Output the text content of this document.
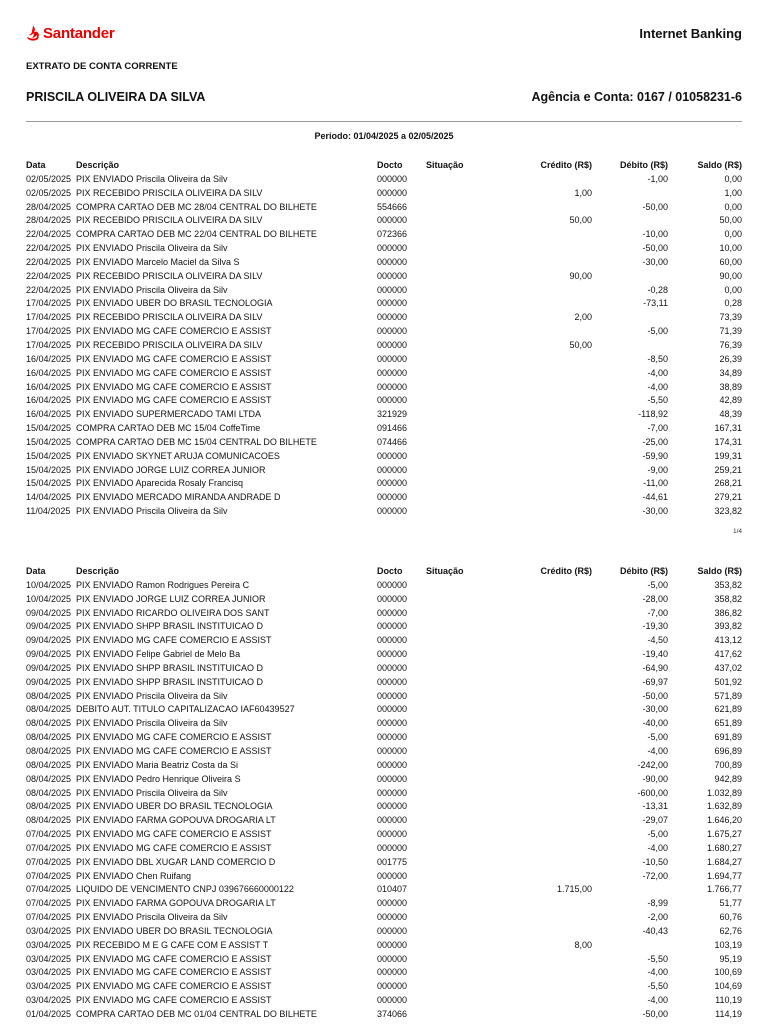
Santander	Internet Banking
EXTRATO DE CONTA CORRENTE
PRISCILA OLIVEIRA DA SILVA	Agência e Conta: 0167 / 01058231-6
Periodo: 01/04/2025 a 02/05/2025
Data	Descrição	Docto	Situação	Crédito (R$)	Débito (R$)	Saldo (R$)
02/05/2025 PIX ENVIADO Priscila Oliveira da Silv	000000	-1,00	0,00
02/05/2025 PIX RECEBIDO PRISCILA OLIVEIRA DA SILV	000000	1,00	1,00
28/04/2025 COMPRA CARTAO DEB MC 28/04 CENTRAL DO BILHETE	554666	-50,00	0,00
28/04/2025 PIX RECEBIDO PRISCILA OLIVEIRA DA SILV	000000	50,00	50,00
22/04/2025 COMPRA CARTAO DEB MC 22/04 CENTRAL DO BILHETE	072366	-10,00	0,00
22/04/2025 PIX ENVIADO Priscila Oliveira da Silv	000000	-50,00	10,00
22/04/2025 PIX ENVIADO Marcelo Maciel da Silva S	000000	-30,00	60,00
22/04/2025 PIX RECEBIDO PRISCILA OLIVEIRA DA SILV	000000	90,00	90,00
22/04/2025 PIX ENVIADO Priscila Oliveira da Silv	000000	-0,28	0,00
17/04/2025 PIX ENVIADO UBER DO BRASIL TECNOLOGIA	000000	-73,11	0,28
17/04/2025 PIX RECEBIDO PRISCILA OLIVEIRA DA SILV	000000	2,00	73,39
17/04/2025 PIX ENVIADO MG CAFE COMERCIO E ASSIST	000000	-5,00	71,39
17/04/2025 PIX RECEBIDO PRISCILA OLIVEIRA DA SILV	000000	50,00	76,39
16/04/2025 PIX ENVIADO MG CAFE COMERCIO E ASSIST	000000	-8,50	26,39
16/04/2025 PIX ENVIADO MG CAFE COMERCIO E ASSIST	000000	-4,00	34,89
16/04/2025 PIX ENVIADO MG CAFE COMERCIO E ASSIST	000000	-4,00	38,89
16/04/2025 PIX ENVIADO MG CAFE COMERCIO E ASSIST	000000	-5,50	42,89
16/04/2025 PIX ENVIADO SUPERMERCADO TAMI LTDA	321929	-118,92	48,39
15/04/2025 COMPRA CARTAO DEB MC 15/04 CoffeTime	091466	-7,00	167,31
15/04/2025 COMPRA CARTAO DEB MC 15/04 CENTRAL DO BILHETE	074466	-25,00	174,31
15/04/2025 PIX ENVIADO SKYNET ARUJA COMUNICACOES	000000	-59,90	199,31
15/04/2025 PIX ENVIADO JORGE LUIZ CORREA JUNIOR	000000	-9,00	259,21
15/04/2025 PIX ENVIADO Aparecida Rosaly Francisq	000000	-11,00	268,21
14/04/2025 PIX ENVIADO MERCADO MIRANDA ANDRADE D	000000	-44,61	279,21
11/04/2025 PIX ENVIADO Priscila Oliveira da Silv	000000	-30,00	323,82
1/4
Data	Descrição	Docto	Situação	Crédito (R$)	Débito (R$)	Saldo (R$)
10/04/2025 PIX ENVIADO Ramon Rodrigues Pereira C	000000	-5,00	353,82
10/04/2025 PIX ENVIADO JORGE LUIZ CORREA JUNIOR	000000	-28,00	358,82
09/04/2025 PIX ENVIADO RICARDO OLIVEIRA DOS SANT	000000	-7,00	386,82
09/04/2025 PIX ENVIADO SHPP BRASIL INSTITUICAO D	000000	-19,30	393,82
09/04/2025 PIX ENVIADO MG CAFE COMERCIO E ASSIST	000000	-4,50	413,12
09/04/2025 PIX ENVIADO Felipe Gabriel de Melo Ba	000000	-19,40	417,62
09/04/2025 PIX ENVIADO SHPP BRASIL INSTITUICAO D	000000	-64,90	437,02
09/04/2025 PIX ENVIADO SHPP BRASIL INSTITUICAO D	000000	-69,97	501,92
08/04/2025 PIX ENVIADO Priscila Oliveira da Silv	000000	-50,00	571,89
08/04/2025 DEBITO AUT. TITULO CAPITALIZACAO IAF60439527	000000	-30,00	621,89
08/04/2025 PIX ENVIADO Priscila Oliveira da Silv	000000	-40,00	651,89
08/04/2025 PIX ENVIADO MG CAFE COMERCIO E ASSIST	000000	-5,00	691,89
08/04/2025 PIX ENVIADO MG CAFE COMERCIO E ASSIST	000000	-4,00	696,89
08/04/2025 PIX ENVIADO Maria Beatriz Costa da Si	000000	-242,00	700,89
08/04/2025 PIX ENVIADO Pedro Henrique Oliveira S	000000	-90,00	942,89
08/04/2025 PIX ENVIADO Priscila Oliveira da Silv	000000	-600,00	1.032,89
08/04/2025 PIX ENVIADO UBER DO BRASIL TECNOLOGIA	000000	-13,31	1.632,89
08/04/2025 PIX ENVIADO FARMA GOPOUVA DROGARIA LT	000000	-29,07	1.646,20
07/04/2025 PIX ENVIADO MG CAFE COMERCIO E ASSIST	000000	-5,00	1.675,27
07/04/2025 PIX ENVIADO MG CAFE COMERCIO E ASSIST	000000	-4,00	1.680,27
07/04/2025 PIX ENVIADO DBL XUGAR LAND COMERCIO D	001775	-10,50	1.684,27
07/04/2025 PIX ENVIADO Chen Ruifang	000000	-72,00	1.694,77
07/04/2025 LIQUIDO DE VENCIMENTO CNPJ 039676660000122	010407	1.715,00	1.766,77
07/04/2025 PIX ENVIADO FARMA GOPOUVA DROGARIA LT	000000	-8,99	51,77
07/04/2025 PIX ENVIADO Priscila Oliveira da Silv	000000	-2,00	60,76
03/04/2025 PIX ENVIADO UBER DO BRASIL TECNOLOGIA	000000	-40,43	62,76
03/04/2025 PIX RECEBIDO M E G CAFE COM E ASSIST T	000000	8,00	103,19
03/04/2025 PIX ENVIADO MG CAFE COMERCIO E ASSIST	000000	-5,50	95,19
03/04/2025 PIX ENVIADO MG CAFE COMERCIO E ASSIST	000000	-4,00	100,69
03/04/2025 PIX ENVIADO MG CAFE COMERCIO E ASSIST	000000	-5,50	104,69
03/04/2025 PIX ENVIADO MG CAFE COMERCIO E ASSIST	000000	-4,00	110,19
01/04/2025 COMPRA CARTAO DEB MC 01/04 CENTRAL DO BILHETE	374066	-50,00	114,19
